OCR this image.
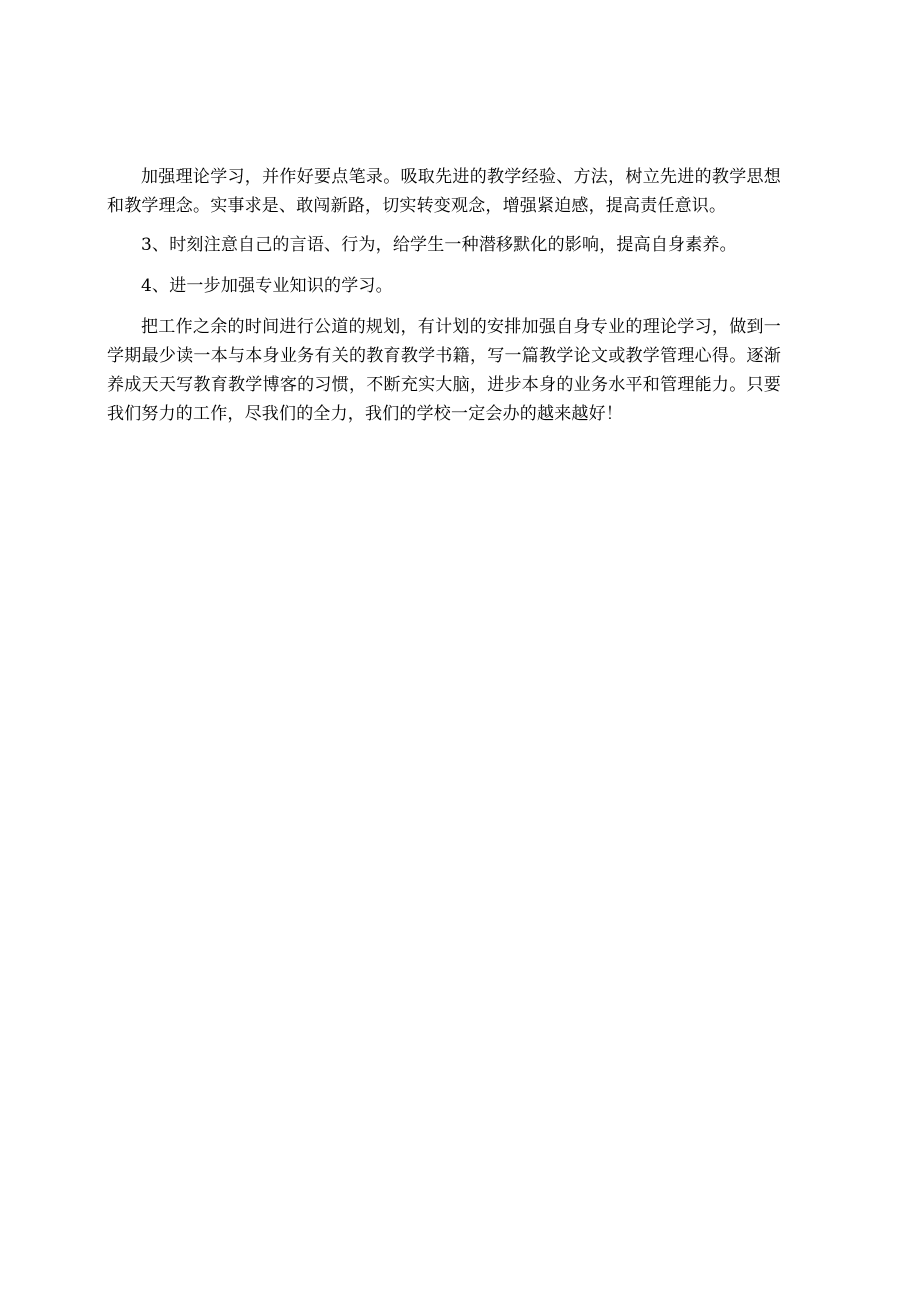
加强理论学习，并作好要点笔录。吸取先进的教学经验、方法，树立先进的教学思想和教学理念。实事求是、敢闯新路，切实转变观念，增强紧迫感，提高责任意识。

3、时刻注意自己的言语、行为，给学生一种潜移默化的影响，提高自身素养。

4、进一步加强专业知识的学习。

把工作之余的时间进行公道的规划，有计划的安排加强自身专业的理论学习，做到一学期最少读一本与本身业务有关的教育教学书籍，写一篇教学论文或教学管理心得。逐渐养成天天写教育教学博客的习惯，不断充实大脑，进步本身的业务水平和管理能力。只要我们努力的工作，尽我们的全力，我们的学校一定会办的越来越好！
